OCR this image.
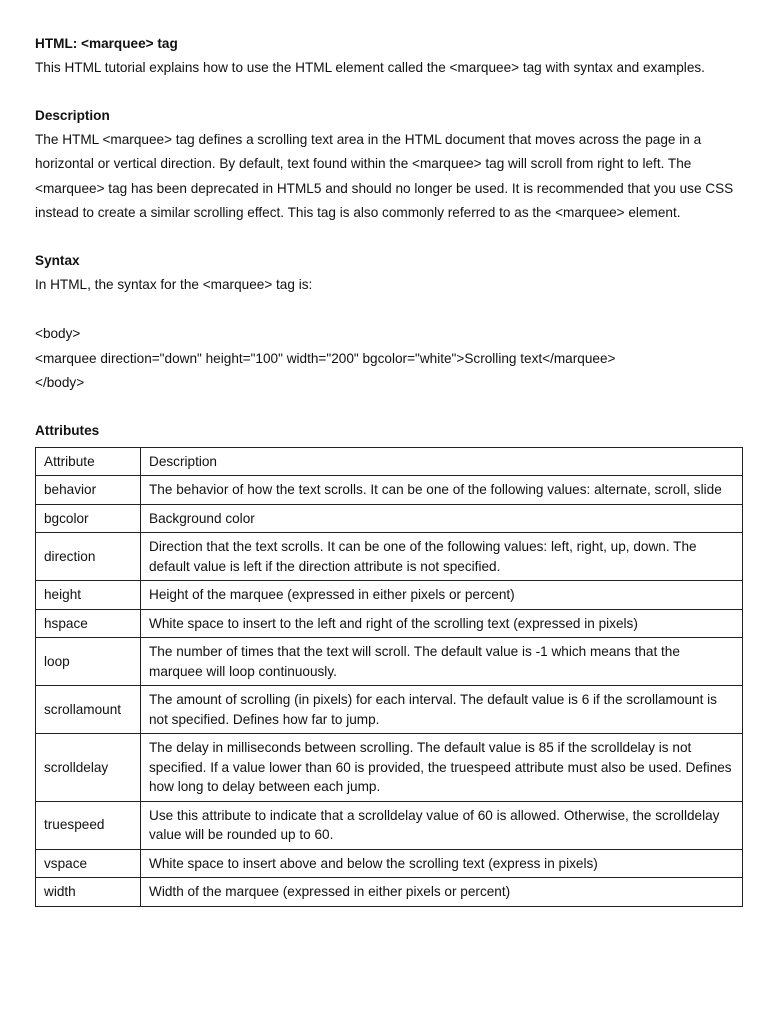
HTML: <marquee> tag

This HTML tutorial explains how to use the HTML element called the <marquee> tag with syntax and examples.

Description

The HTML <marquee> tag defines a scrolling text area in the HTML document that moves across the page in a horizontal or vertical direction. By default, text found within the <marquee> tag will scroll from right to left. The <marquee> tag has been deprecated in HTML5 and should no longer be used. It is recommended that you use CSS instead to create a similar scrolling effect. This tag is also commonly referred to as the <marquee> element.

Syntax

In HTML, the syntax for the <marquee> tag is:

<body>

<marquee direction="down" height="100" width="200" bgcolor="white">Scrolling text</marquee>

</body>

Attributes

Attribute	Description
behavior	The behavior of how the text scrolls. It can be one of the following values: alternate, scroll, slide
bgcolor	Background color
direction	Direction that the text scrolls. It can be one of the following values: left, right, up, down. The default value is left if the direction attribute is not specified.
height	Height of the marquee (expressed in either pixels or percent)
hspace	White space to insert to the left and right of the scrolling text (expressed in pixels)
loop	The number of times that the text will scroll. The default value is -1 which means that the marquee will loop continuously.
scrollamount	The amount of scrolling (in pixels) for each interval. The default value is 6 if the scrollamount is not specified. Defines how far to jump.
scrolldelay	The delay in milliseconds between scrolling. The default value is 85 if the scrolldelay is not specified. If a value lower than 60 is provided, the truespeed attribute must also be used. Defines how long to delay between each jump.
truespeed	Use this attribute to indicate that a scrolldelay value of 60 is allowed. Otherwise, the scrolldelay value will be rounded up to 60.
vspace	White space to insert above and below the scrolling text (express in pixels)
width	Width of the marquee (expressed in either pixels or percent)
